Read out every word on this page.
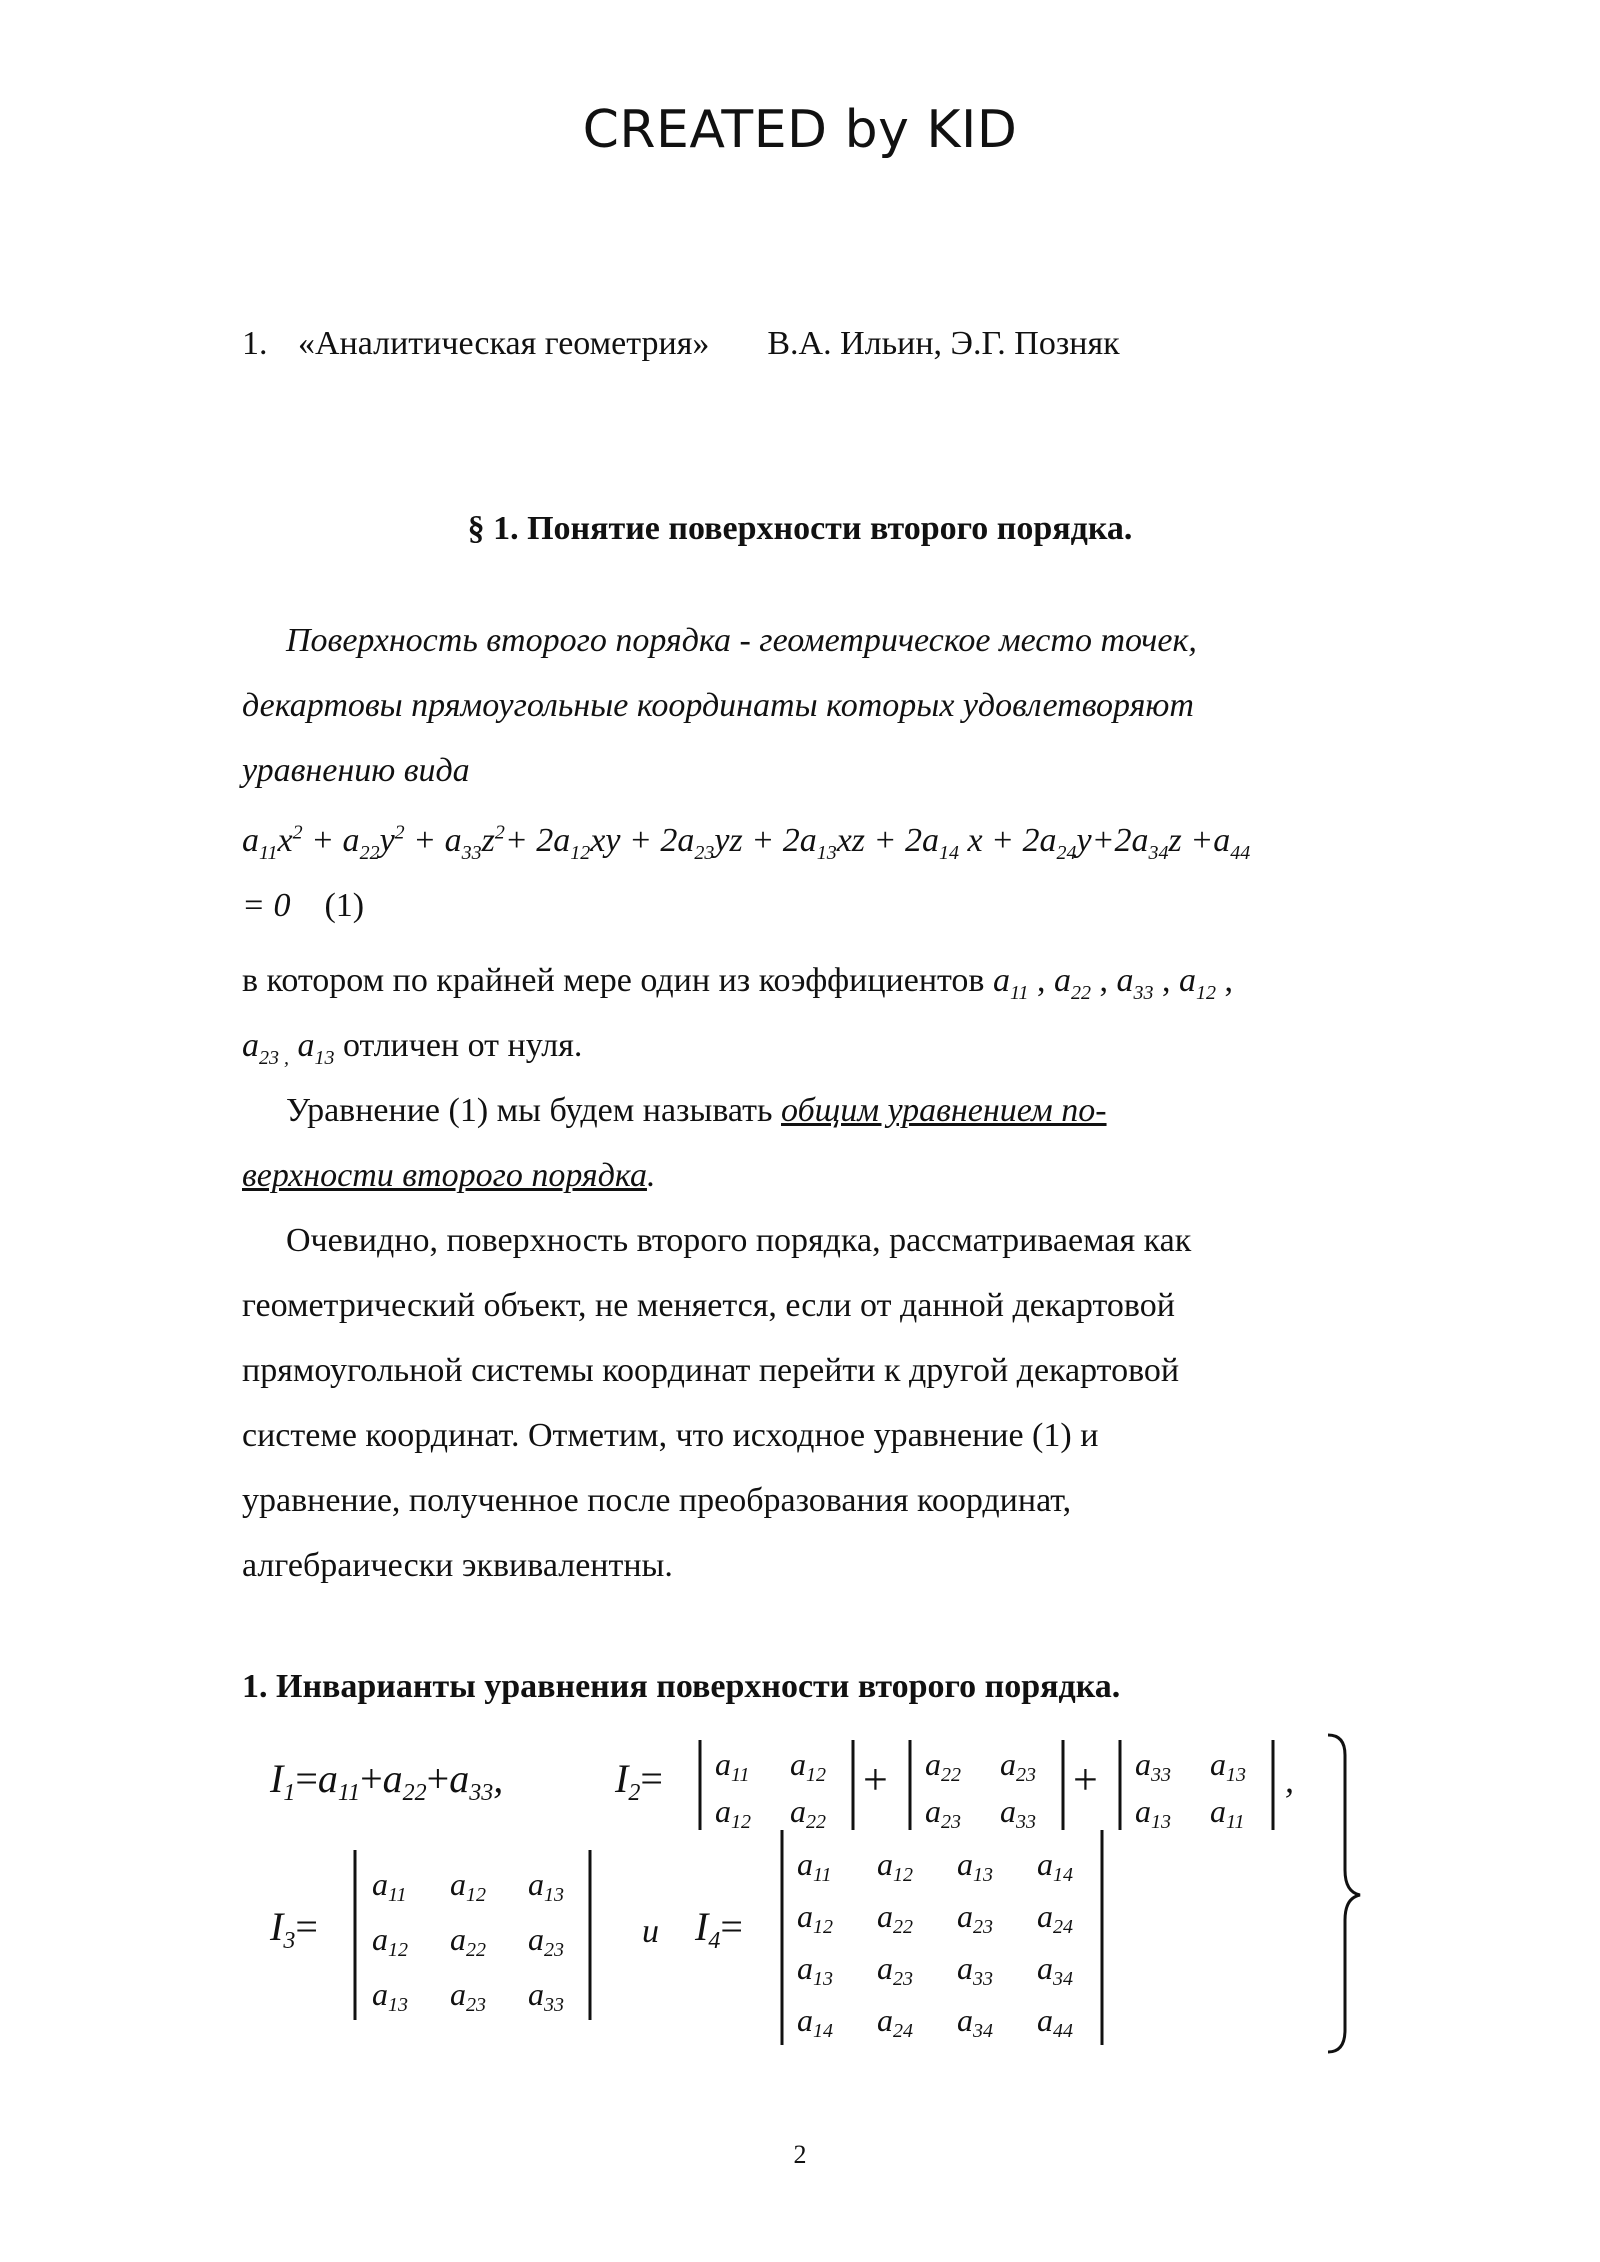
CREATED by KID
1. «Аналитическая геометрия» В.А. Ильин, Э.Г. Позняк
§ 1. Понятие поверхности второго порядка.
Поверхность второго порядка - геометрическое место точек,
декартовы прямоугольные координаты которых удовлетворяют
уравнению вида
$a_{11}x^2 + a_{22}y^2 + a_{33}z^2+ 2a_{12}xy + 2a_{23}yz + 2a_{13}xz + 2a_{14}$ $x + 2a_{24}y+2a_{34}z +a_{44}$
= 0    (1)
в котором по крайней мере один из коэффициентов $a_{11}$ , $a_{22}$ , $a_{33}$ , $a_{12}$ ,
$a_{23 ,}$ $a_{13}$ отличен от нуля.
Уравнение (1) мы будем называть общим уравнением по-
верхности второго порядка.
Очевидно, поверхность второго порядка, рассматриваемая как
геометрический объект, не меняется, если от данной декартовой
прямоугольной системы координат перейти к другой декартовой
системе координат. Отметим, что исходное уравнение (1) и
уравнение, полученное после преобразования координат,
алгебраически эквивалентны.
1. Инварианты уравнения поверхности второго порядка.
$I_1=a_{11}+a_{22}+a_{33}$,	$I_2= a11$ a12
a12 a22
+ a22 a23
a23 a33
+ a33 a13
a13 a11
,
$I_3=$
a11 a12 a13
a12 a22 a23
a13 a23 a33
и $I_4=$
a11 a12 a13 a14
a12 a22 a23 a24
a13 a23 a33 a34
a14 a24 a34 a44
2
